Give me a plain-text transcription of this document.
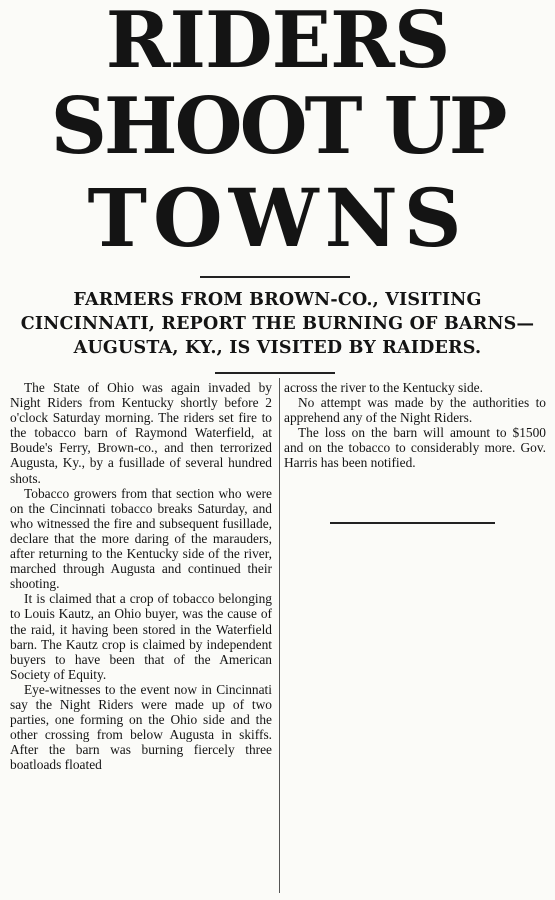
RIDERS
SHOOT UP
TOWNS
FARMERS FROM BROWN-CO., VISITING CINCINNATI, REPORT THE BURNING OF BARNS—AUGUSTA, KY., IS VISITED BY RAIDERS.

The State of Ohio was again invaded by Night Riders from Kentucky shortly before 2 o'clock Saturday morning. The riders set fire to the tobacco barn of Raymond Waterfield, at Boude's Ferry, Brown-co., and then terrorized Augusta, Ky., by a fusillade of several hundred shots.

Tobacco growers from that section who were on the Cincinnati tobacco breaks Saturday, and who witnessed the fire and subsequent fusillade, declare that the more daring of the marauders, after returning to the Kentucky side of the river, marched through Augusta and continued their shooting.

It is claimed that a crop of tobacco belonging to Louis Kautz, an Ohio buyer, was the cause of the raid, it having been stored in the Waterfield barn. The Kautz crop is claimed by independent buyers to have been that of the American Society of Equity.

Eye-witnesses to the event now in Cincinnati say the Night Riders were made up of two parties, one forming on the Ohio side and the other crossing from below Augusta in skiffs. After the barn was burning fiercely three boatloads floated

across the river to the Kentucky side.

No attempt was made by the authorities to apprehend any of the Night Riders.

The loss on the barn will amount to $1500 and on the tobacco to considerably more. Gov. Harris has been notified.
